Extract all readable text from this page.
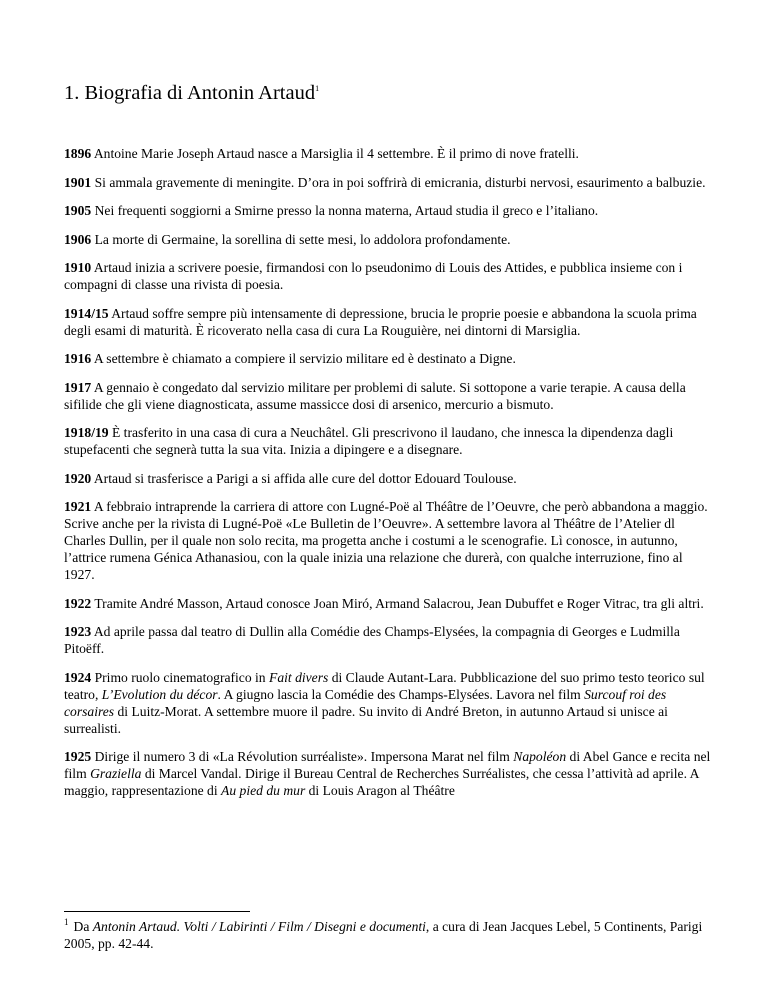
1. Biografia di Antonin Artaud$^1$

1896 Antoine Marie Joseph Artaud nasce a Marsiglia il 4 settembre. È il primo di nove fratelli.

1901 Si ammala gravemente di meningite. D’ora in poi soffrirà di emicrania, disturbi nervosi, esaurimento a balbuzie.

1905 Nei frequenti soggiorni a Smirne presso la nonna materna, Artaud studia il greco e l’italiano.

1906 La morte di Germaine, la sorellina di sette mesi, lo addolora profondamente.

1910 Artaud inizia a scrivere poesie, firmandosi con lo pseudonimo di Louis des Attides, e pubblica insieme con i compagni di classe una rivista di poesia.

1914/15 Artaud soffre sempre più intensamente di depressione, brucia le proprie poesie e abbandona la scuola prima degli esami di maturità. È ricoverato nella casa di cura La Rouguière, nei dintorni di Marsiglia.

1916 A settembre è chiamato a compiere il servizio militare ed è destinato a Digne.

1917 A gennaio è congedato dal servizio militare per problemi di salute. Si sottopone a varie terapie. A causa della sifilide che gli viene diagnosticata, assume massicce dosi di arsenico, mercurio a bismuto.

1918/19 È trasferito in una casa di cura a Neuchâtel. Gli prescrivono il laudano, che innesca la dipendenza dagli stupefacenti che segnerà tutta la sua vita. Inizia a dipingere e a disegnare.

1920 Artaud si trasferisce a Parigi a si affida alle cure del dottor Edouard Toulouse.

1921 A febbraio intraprende la carriera di attore con Lugné-Poë al Théâtre de l’Oeuvre, che però abbandona a maggio. Scrive anche per la rivista di Lugné-Poë «Le Bulletin de l’Oeuvre». A settembre lavora al Théâtre de l’Atelier dl Charles Dullin, per il quale non solo recita, ma progetta anche i costumi a le scenografie. Lì conosce, in autunno, l’attrice rumena Génica Athanasiou, con la quale inizia una relazione che durerà, con qualche interruzione, fino al 1927.

1922 Tramite André Masson, Artaud conosce Joan Miró, Armand Salacrou, Jean Dubuffet e Roger Vitrac, tra gli altri.

1923 Ad aprile passa dal teatro di Dullin alla Comédie des Champs-Elysées, la compagnia di Georges e Ludmilla Pitoëff.

1924 Primo ruolo cinematografico in Fait divers di Claude Autant-Lara. Pubblicazione del suo primo testo teorico sul teatro, L’Evolution du décor. A giugno lascia la Comédie des Champs-Elysées. Lavora nel film Surcouf roi des corsaires di Luitz-Morat. A settembre muore il padre. Su invito di André Breton, in autunno Artaud si unisce ai surrealisti.

1925 Dirige il numero 3 di «La Révolution surréaliste». Impersona Marat nel film Napoléon di Abel Gance e recita nel film Graziella di Marcel Vandal. Dirige il Bureau Central de Recherches Surréalistes, che cessa l’attività ad aprile. A maggio, rappresentazione di Au pied du mur di Louis Aragon al Théâtre

$^1$ Da Antonin Artaud. Volti / Labirinti / Film / Disegni e documenti, a cura di Jean Jacques Lebel, 5 Continents, Parigi 2005, pp. 42-44.
